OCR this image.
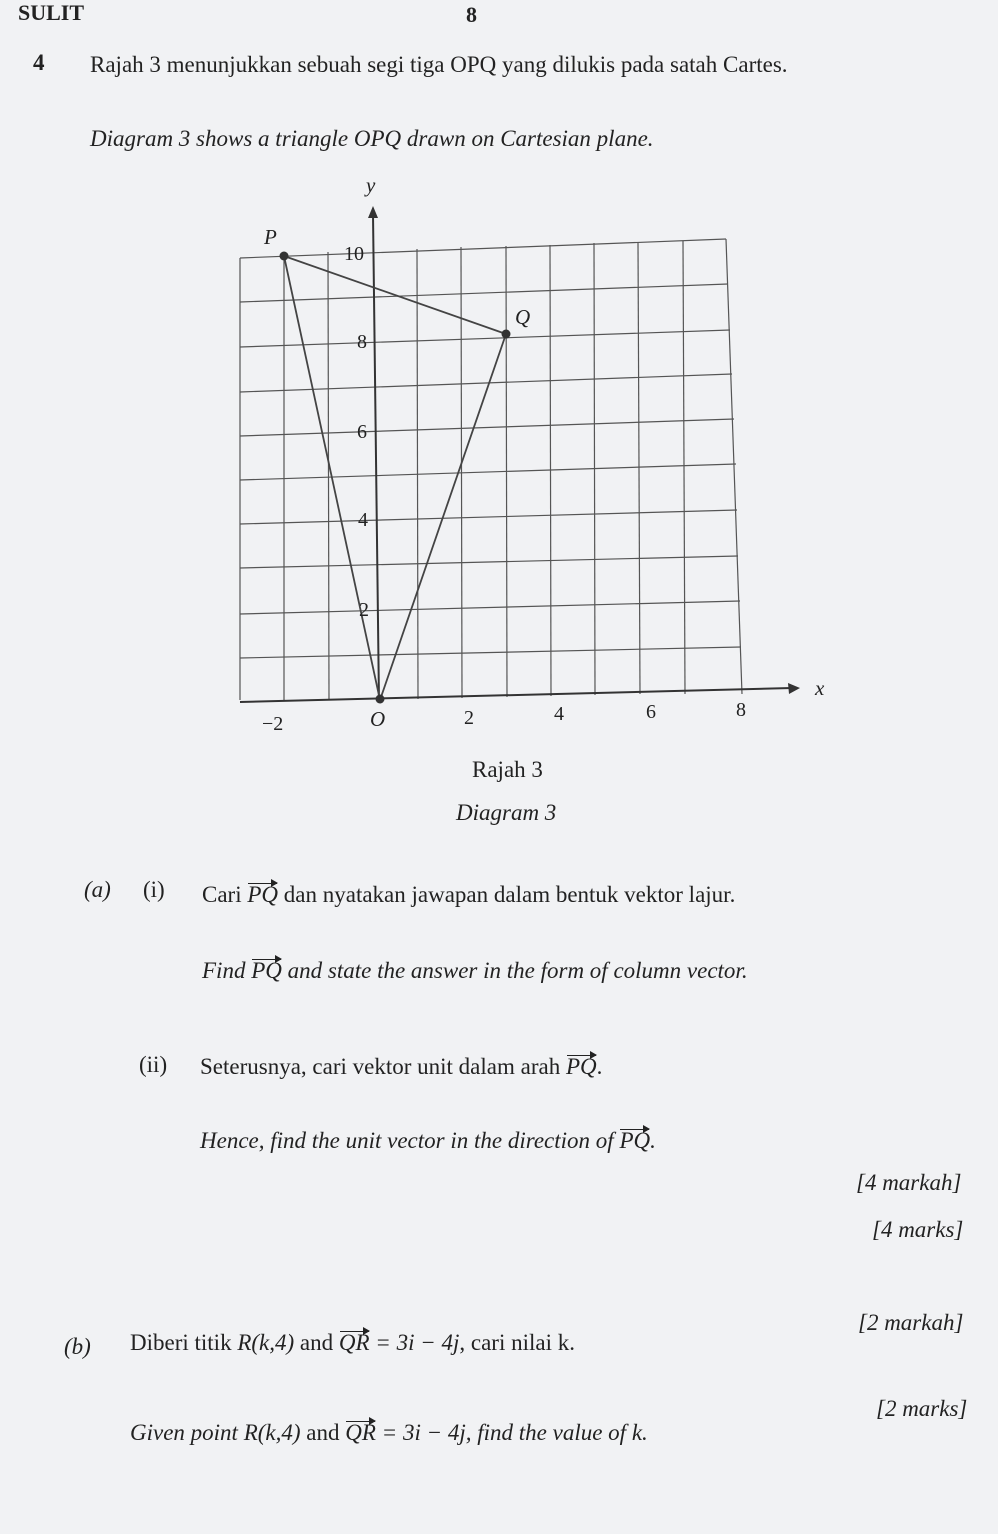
SULIT	8
4 Rajah 3 menunjukkan sebuah segi tiga OPQ yang dilukis pada satah Cartes.
Diagram 3 shows a triangle OPQ drawn on Cartesian plane.
y
x
P
Q
10
8
6
4
2
−2	O	2	4	6	8
Rajah 3
Diagram 3
(a) (i) Cari PQ dan nyatakan jawapan dalam bentuk vektor lajur.
Find PQ and state the answer in the form of column vector.
(ii) Seterusnya, cari vektor unit dalam arah PQ.
Hence, find the unit vector in the direction of PQ.
[4 markah]
[4 marks]
(b) Diberi titik R(k,4) and QR = 3i − 4j, cari nilai k.
[2 markah]
Given point R(k,4) and QR = 3i − 4j, find the value of k.
[2 marks]
